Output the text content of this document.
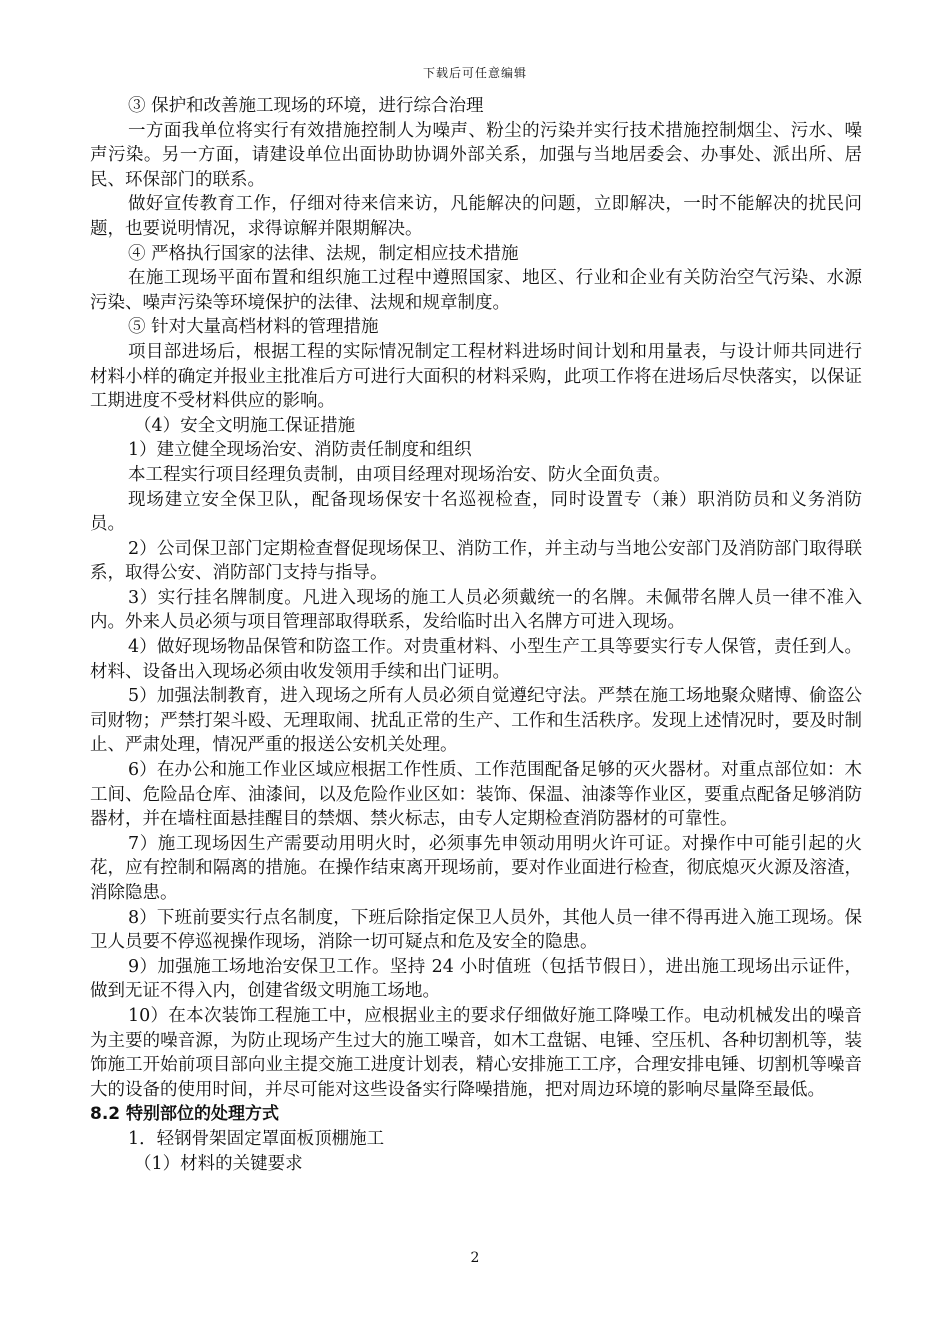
下载后可任意编辑

③ 保护和改善施工现场的环境，进行综合治理

一方面我单位将实行有效措施控制人为噪声、粉尘的污染并实行技术措施控制烟尘、污水、噪声污染。另一方面，请建设单位出面协助协调外部关系，加强与当地居委会、办事处、派出所、居民、环保部门的联系。

做好宣传教育工作，仔细对待来信来访，凡能解决的问题，立即解决，一时不能解决的扰民问题，也要说明情况，求得谅解并限期解决。

④ 严格执行国家的法律、法规，制定相应技术措施

在施工现场平面布置和组织施工过程中遵照国家、地区、行业和企业有关防治空气污染、水源污染、噪声污染等环境保护的法律、法规和规章制度。

⑤ 针对大量高档材料的管理措施

项目部进场后，根据工程的实际情况制定工程材料进场时间计划和用量表，与设计师共同进行材料小样的确定并报业主批准后方可进行大面积的材料采购，此项工作将在进场后尽快落实，以保证工期进度不受材料供应的影响。

（4）安全文明施工保证措施

1）建立健全现场治安、消防责任制度和组织

本工程实行项目经理负责制，由项目经理对现场治安、防火全面负责。

现场建立安全保卫队，配备现场保安十名巡视检查，同时设置专（兼）职消防员和义务消防员。

2）公司保卫部门定期检查督促现场保卫、消防工作，并主动与当地公安部门及消防部门取得联系，取得公安、消防部门支持与指导。

3）实行挂名牌制度。凡进入现场的施工人员必须戴统一的名牌。未佩带名牌人员一律不准入内。外来人员必须与项目管理部取得联系，发给临时出入名牌方可进入现场。

4）做好现场物品保管和防盗工作。对贵重材料、小型生产工具等要实行专人保管，责任到人。材料、设备出入现场必须由收发领用手续和出门证明。

5）加强法制教育，进入现场之所有人员必须自觉遵纪守法。严禁在施工场地聚众赌博、偷盗公司财物；严禁打架斗殴、无理取闹、扰乱正常的生产、工作和生活秩序。发现上述情况时，要及时制止、严肃处理，情况严重的报送公安机关处理。

6）在办公和施工作业区域应根据工作性质、工作范围配备足够的灭火器材。对重点部位如：木工间、危险品仓库、油漆间，以及危险作业区如：装饰、保温、油漆等作业区，要重点配备足够消防器材，并在墙柱面悬挂醒目的禁烟、禁火标志，由专人定期检查消防器材的可靠性。

7）施工现场因生产需要动用明火时，必须事先申领动用明火许可证。对操作中可能引起的火花，应有控制和隔离的措施。在操作结束离开现场前，要对作业面进行检查，彻底熄灭火源及溶渣，消除隐患。

8）下班前要实行点名制度，下班后除指定保卫人员外，其他人员一律不得再进入施工现场。保卫人员要不停巡视操作现场，消除一切可疑点和危及安全的隐患。

9）加强施工场地治安保卫工作。坚持 24 小时值班（包括节假日），进出施工现场出示证件，做到无证不得入内，创建省级文明施工场地。

10）在本次装饰工程施工中，应根据业主的要求仔细做好施工降噪工作。电动机械发出的噪音为主要的噪音源，为防止现场产生过大的施工噪音，如木工盘锯、电锤、空压机、各种切割机等，装饰施工开始前项目部向业主提交施工进度计划表，精心安排施工工序，合理安排电锤、切割机等噪音大的设备的使用时间，并尽可能对这些设备实行降噪措施，把对周边环境的影响尽量降至最低。

8.2 特别部位的处理方式

1．轻钢骨架固定罩面板顶棚施工

（1）材料的关键要求

2
